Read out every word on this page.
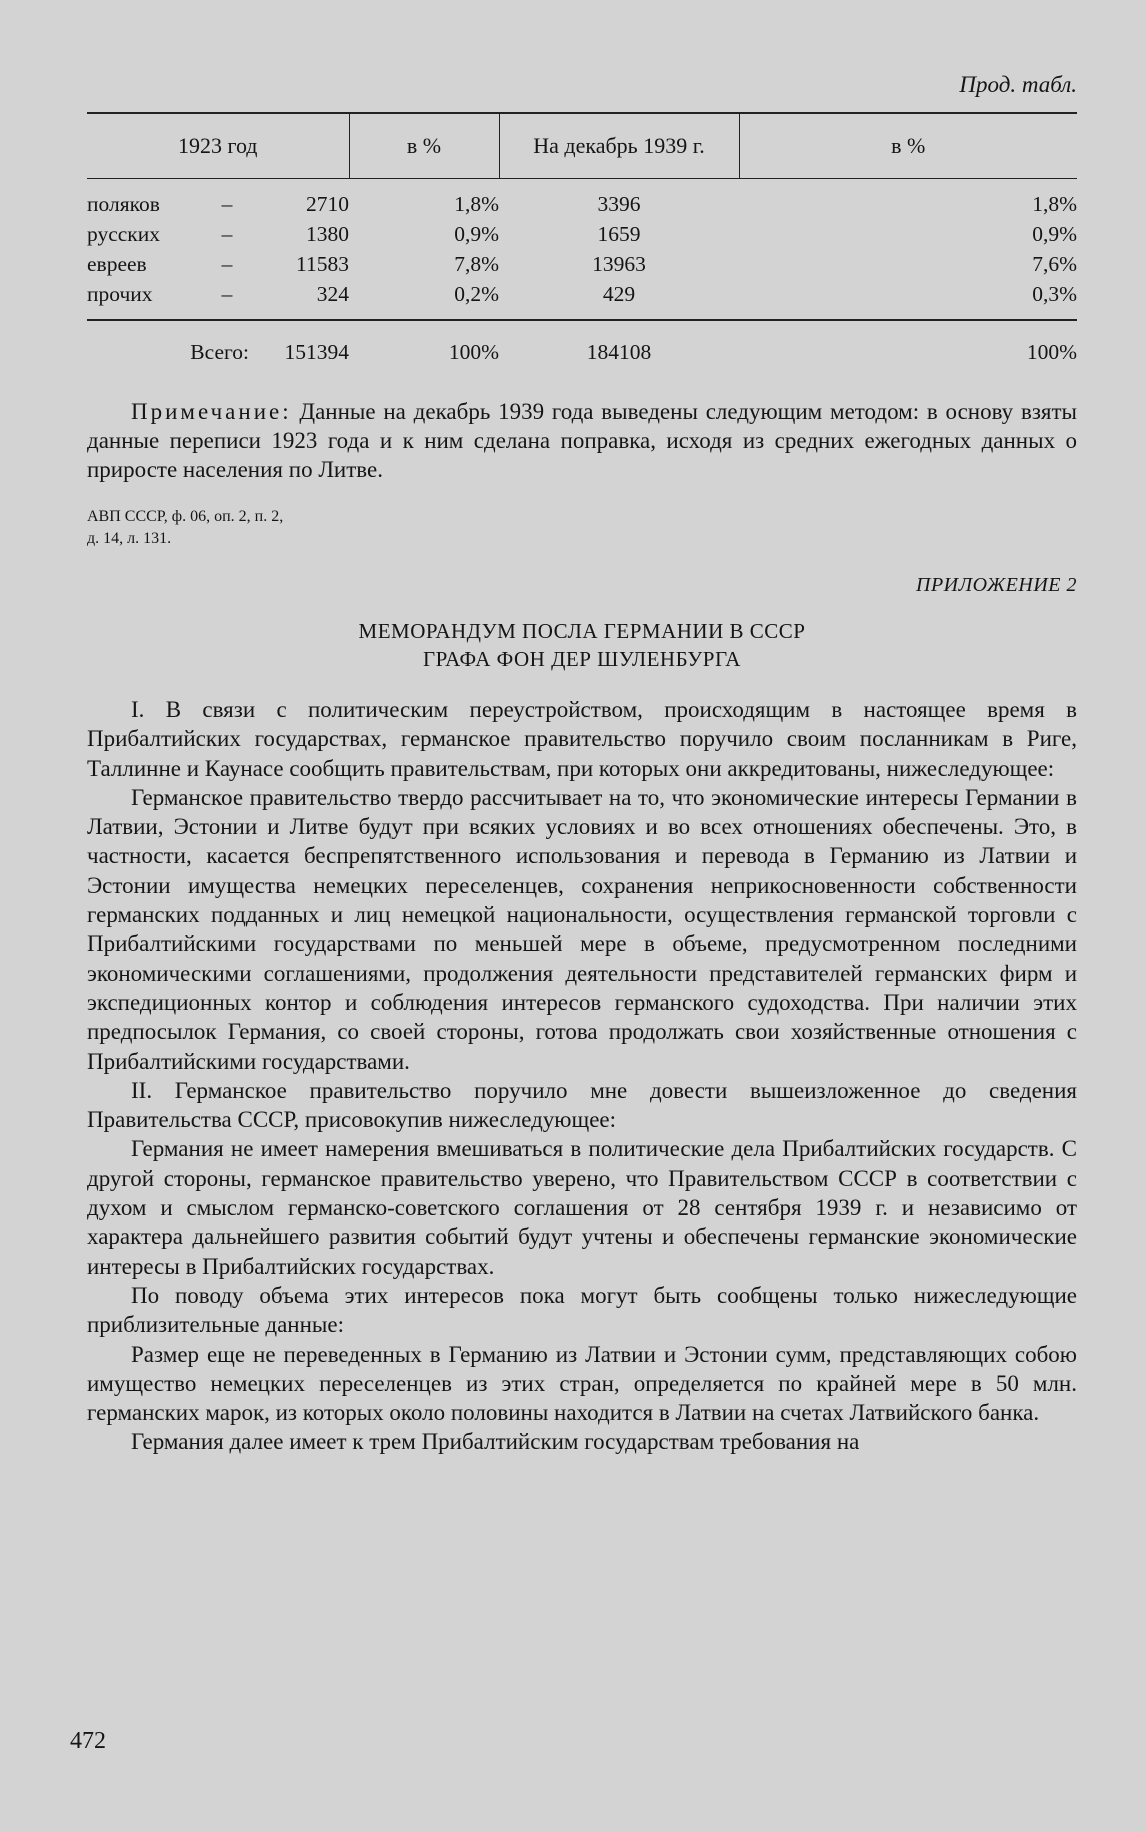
Прод. табл.
1923 год			в %	На декабрь 1939 г.	в %
поляков	–	2710	1,8%	3396	1,8%
русских	–	1380	0,9%	1659	0,9%
евреев	–	11583	7,8%	13963	7,6%
прочих	–	324	0,2%	429	0,3%
Всего:		151394	100%	184108	100%

Примечание: Данные на декабрь 1939 года выведены следующим методом: в основу взяты данные переписи 1923 года и к ним сделана поправка, исходя из средних ежегодных данных о приросте населения по Литве.

АВП СССР, ф. 06, оп. 2, п. 2,
д. 14, л. 131.
ПРИЛОЖЕНИЕ 2
МЕМОРАНДУМ ПОСЛА ГЕРМАНИИ В СССР
ГРАФА ФОН ДЕР ШУЛЕНБУРГА

I. В связи с политическим переустройством, происходящим в настоящее время в Прибалтийских государствах, германское правительство поручило своим посланникам в Риге, Таллинне и Каунасе сообщить правительствам, при которых они аккредитованы, нижеследующее:

Германское правительство твердо рассчитывает на то, что экономические интересы Германии в Латвии, Эстонии и Литве будут при всяких условиях и во всех отношениях обеспечены. Это, в частности, касается беспрепятственного использования и перевода в Германию из Латвии и Эстонии имущества немецких переселенцев, сохранения неприкосновенности собственности германских подданных и лиц немецкой национальности, осуществления германской торговли с Прибалтийскими государствами по меньшей мере в объеме, предусмотренном последними экономическими соглашениями, продолжения деятельности представителей германских фирм и экспедиционных контор и соблюдения интересов германского судоходства. При наличии этих предпосылок Германия, со своей стороны, готова продолжать свои хозяйственные отношения с Прибалтийскими государствами.

II. Германское правительство поручило мне довести вышеизложенное до сведения Правительства СССР, присовокупив нижеследующее:

Германия не имеет намерения вмешиваться в политические дела Прибалтийских государств. С другой стороны, германское правительство уверено, что Правительством СССР в соответствии с духом и смыслом германско-советского соглашения от 28 сентября 1939 г. и независимо от характера дальнейшего развития событий будут учтены и обеспечены германские экономические интересы в Прибалтийских государствах.

По поводу объема этих интересов пока могут быть сообщены только нижеследующие приблизительные данные:

Размер еще не переведенных в Германию из Латвии и Эстонии сумм, представляющих собою имущество немецких переселенцев из этих стран, определяется по крайней мере в 50 млн. германских марок, из которых около половины находится в Латвии на счетах Латвийского банка.

Германия далее имеет к трем Прибалтийским государствам требования на

472
